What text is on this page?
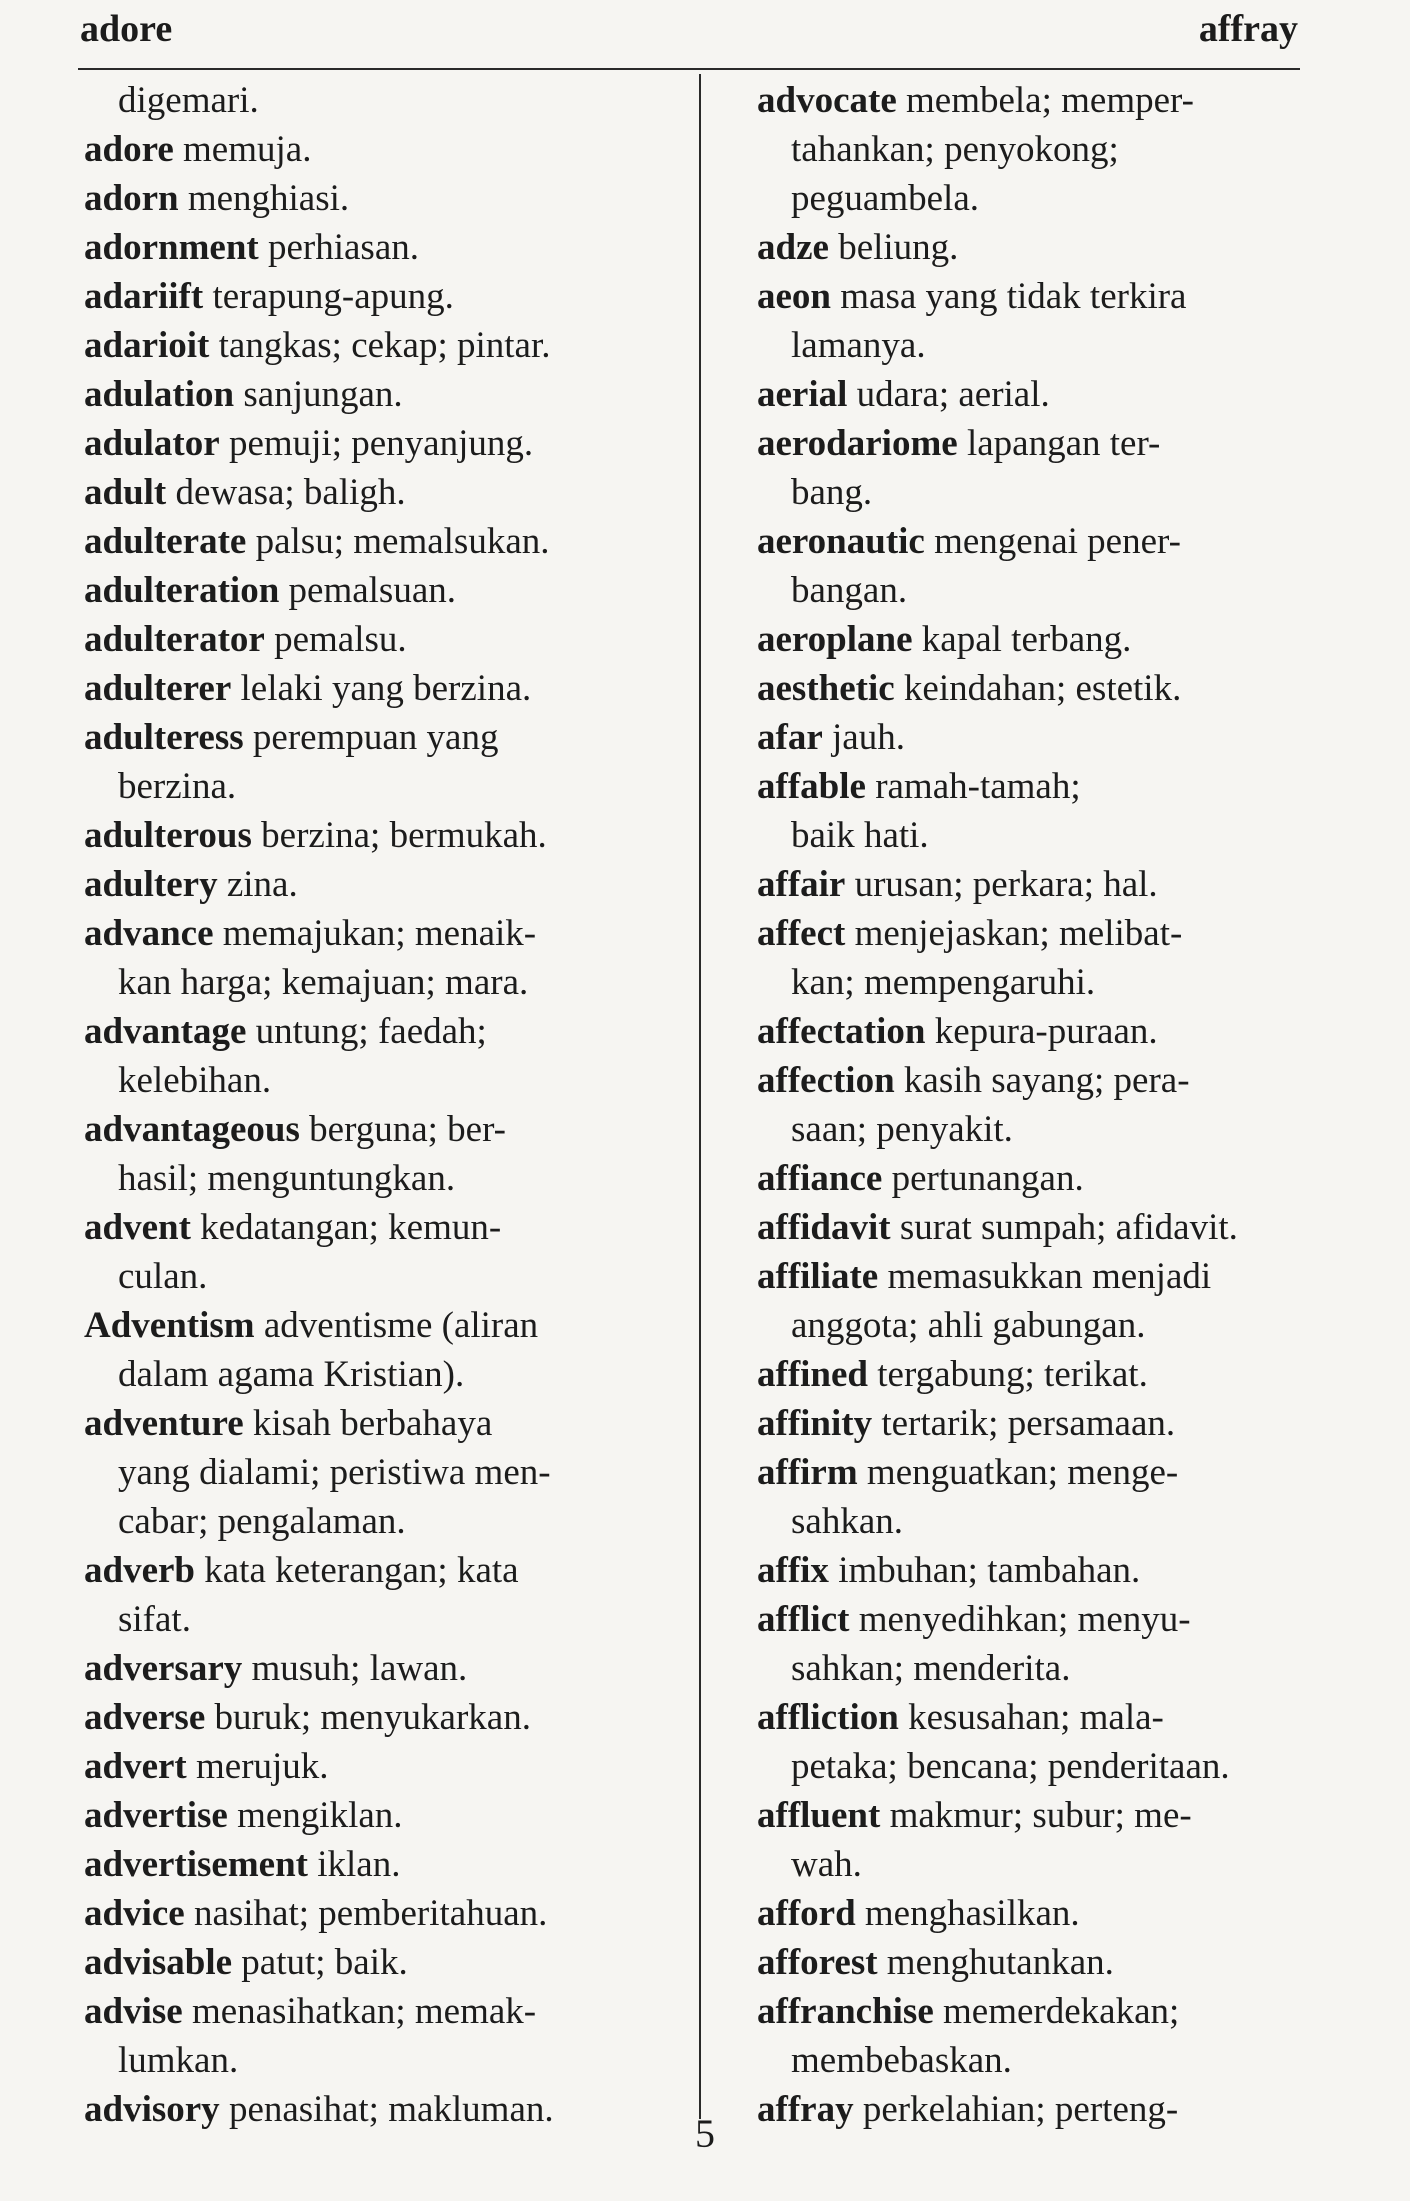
adore	affray

digemari.

adore memuja.

adorn menghiasi.

adornment perhiasan.

adariift terapung-apung.

adarioit tangkas; cekap; pintar.

adulation sanjungan.

adulator pemuji; penyanjung.

adult dewasa; baligh.

adulterate palsu; memalsukan.

adulteration pemalsuan.

adulterator pemalsu.

adulterer lelaki yang berzina.

adulteress perempuan yang
berzina.

adulterous berzina; bermukah.

adultery zina.

advance memajukan; menaik-
kan harga; kemajuan; mara.

advantage untung; faedah;
kelebihan.

advantageous berguna; ber-
hasil; menguntungkan.

advent kedatangan; kemun-
culan.

Adventism adventisme (aliran
dalam agama Kristian).

adventure kisah berbahaya
yang dialami; peristiwa men-
cabar; pengalaman.

adverb kata keterangan; kata
sifat.

adversary musuh; lawan.

adverse buruk; menyukarkan.

advert merujuk.

advertise mengiklan.

advertisement iklan.

advice nasihat; pemberitahuan.

advisable patut; baik.

advise menasihatkan; memak-
lumkan.

advisory penasihat; makluman.

advocate membela; memper-
tahankan; penyokong;
peguambela.

adze beliung.

aeon masa yang tidak terkira
lamanya.

aerial udara; aerial.

aerodariome lapangan ter-
bang.

aeronautic mengenai pener-
bangan.

aeroplane kapal terbang.

aesthetic keindahan; estetik.

afar jauh.

affable ramah-tamah;
baik hati.

affair urusan; perkara; hal.

affect menjejaskan; melibat-
kan; mempengaruhi.

affectation kepura-puraan.

affection kasih sayang; pera-
saan; penyakit.

affiance pertunangan.

affidavit surat sumpah; afidavit.

affiliate memasukkan menjadi
anggota; ahli gabungan.

affined tergabung; terikat.

affinity tertarik; persamaan.

affirm menguatkan; menge-
sahkan.

affix imbuhan; tambahan.

afflict menyedihkan; menyu-
sahkan; menderita.

affliction kesusahan; mala-
petaka; bencana; penderitaan.

affluent makmur; subur; me-
wah.

afford menghasilkan.

afforest menghutankan.

affranchise memerdekakan;
membebaskan.

affray perkelahian; perteng-

5
